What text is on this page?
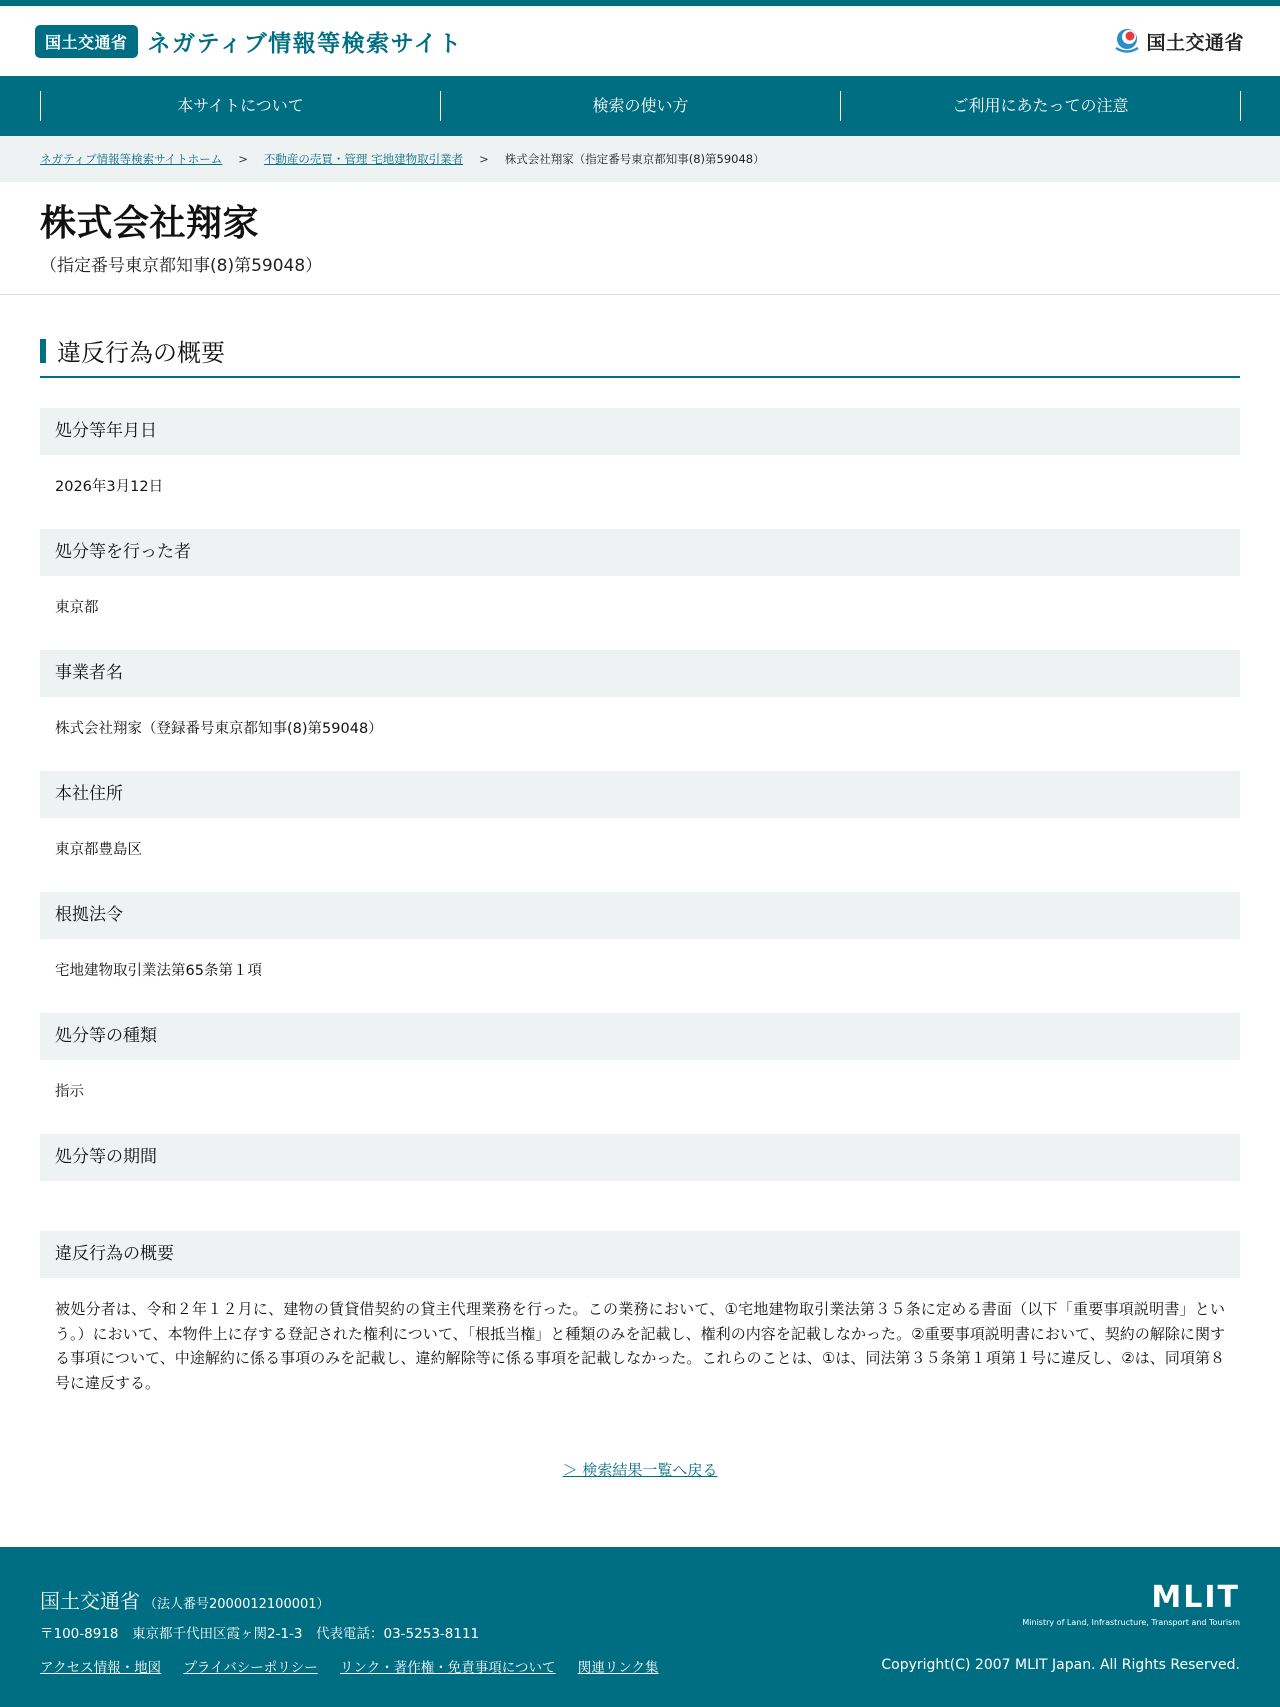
国土交通省 ネガティブ情報等検索サイト	国土交通省
本サイトについて	検索の使い方	ご利用にあたっての注意
ネガティブ情報等検索サイトホーム > 不動産の売買・管理 宅地建物取引業者 > 株式会社翔家（指定番号東京都知事(8)第59048）
株式会社翔家
（指定番号東京都知事(8)第59048）
違反行為の概要
処分等年月日
2026年3月12日
処分等を行った者
東京都
事業者名
株式会社翔家（登録番号東京都知事(8)第59048）
本社住所
東京都豊島区
根拠法令
宅地建物取引業法第65条第１項
処分等の種類
指示
処分等の期間
違反行為の概要
被処分者は、令和２年１２月に、建物の賃貸借契約の貸主代理業務を行った。この業務において、①宅地建物取引業法第３５条に定める書面（以下「重要事項説明書」という。）において、本物件上に存する登記された権利について、「根抵当権」と種類のみを記載し、権利の内容を記載しなかった。②重要事項説明書において、契約の解除に関する事項について、中途解約に係る事項のみを記載し、違約解除等に係る事項を記載しなかった。これらのことは、①は、同法第３５条第１項第１号に違反し、②は、同項第８号に違反する。
＞ 検索結果一覧へ戻る
国土交通省 （法人番号2000012100001）
〒100-8918　東京都千代田区霞ヶ関2-1-3　代表電話：03-5253-8111
アクセス情報・地図 プライバシーポリシー リンク・著作権・免責事項について 関連リンク集
MLIT
Ministry of Land, Infrastructure, Transport and Tourism
Copyright(C) 2007 MLIT Japan. All Rights Reserved.
